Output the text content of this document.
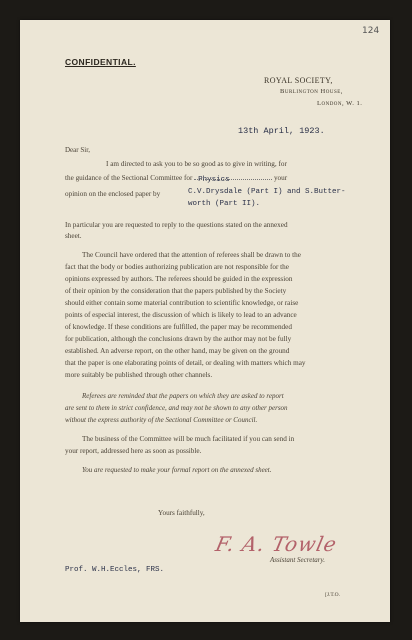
124
CONFIDENTIAL.
ROYAL SOCIETY,
Burlington House,
London, W. 1.
13th April, 1923.
Dear Sir,
I am directed to ask you to be so good as to give in writing, for
the guidance of the Sectional Committee for Physics	your
opinion on the enclosed paper by	C.V.Drysdale (Part I) and S.Butter-
worth (Part II).
In particular you are requested to reply to the questions stated on the annexed
sheet.
The Council have ordered that the attention of referees shall be drawn to the
fact that the body or bodies authorizing publication are not responsible for the
opinions expressed by authors. The referees should be guided in the expression
of their opinion by the consideration that the papers published by the Society
should either contain some material contribution to scientific knowledge, or raise
points of especial interest, the discussion of which is likely to lead to an advance
of knowledge. If these conditions are fulfilled, the paper may be recommended
for publication, although the conclusions drawn by the author may not be fully
established. An adverse report, on the other hand, may be given on the ground
that the paper is one elaborating points of detail, or dealing with matters which may
more suitably be published through other channels.
Referees are reminded that the papers on which they are asked to report
are sent to them in strict confidence, and may not be shown to any other person
without the express authority of the Sectional Committee or Council.
The business of the Committee will be much facilitated if you can send in
your report, addressed here as soon as possible.
You are requested to make your formal report on the annexed sheet.
Yours faithfully,
F. A. Towle
Assistant Secretary.
Prof. W.H.Eccles, FRS.
[J.T.O.
